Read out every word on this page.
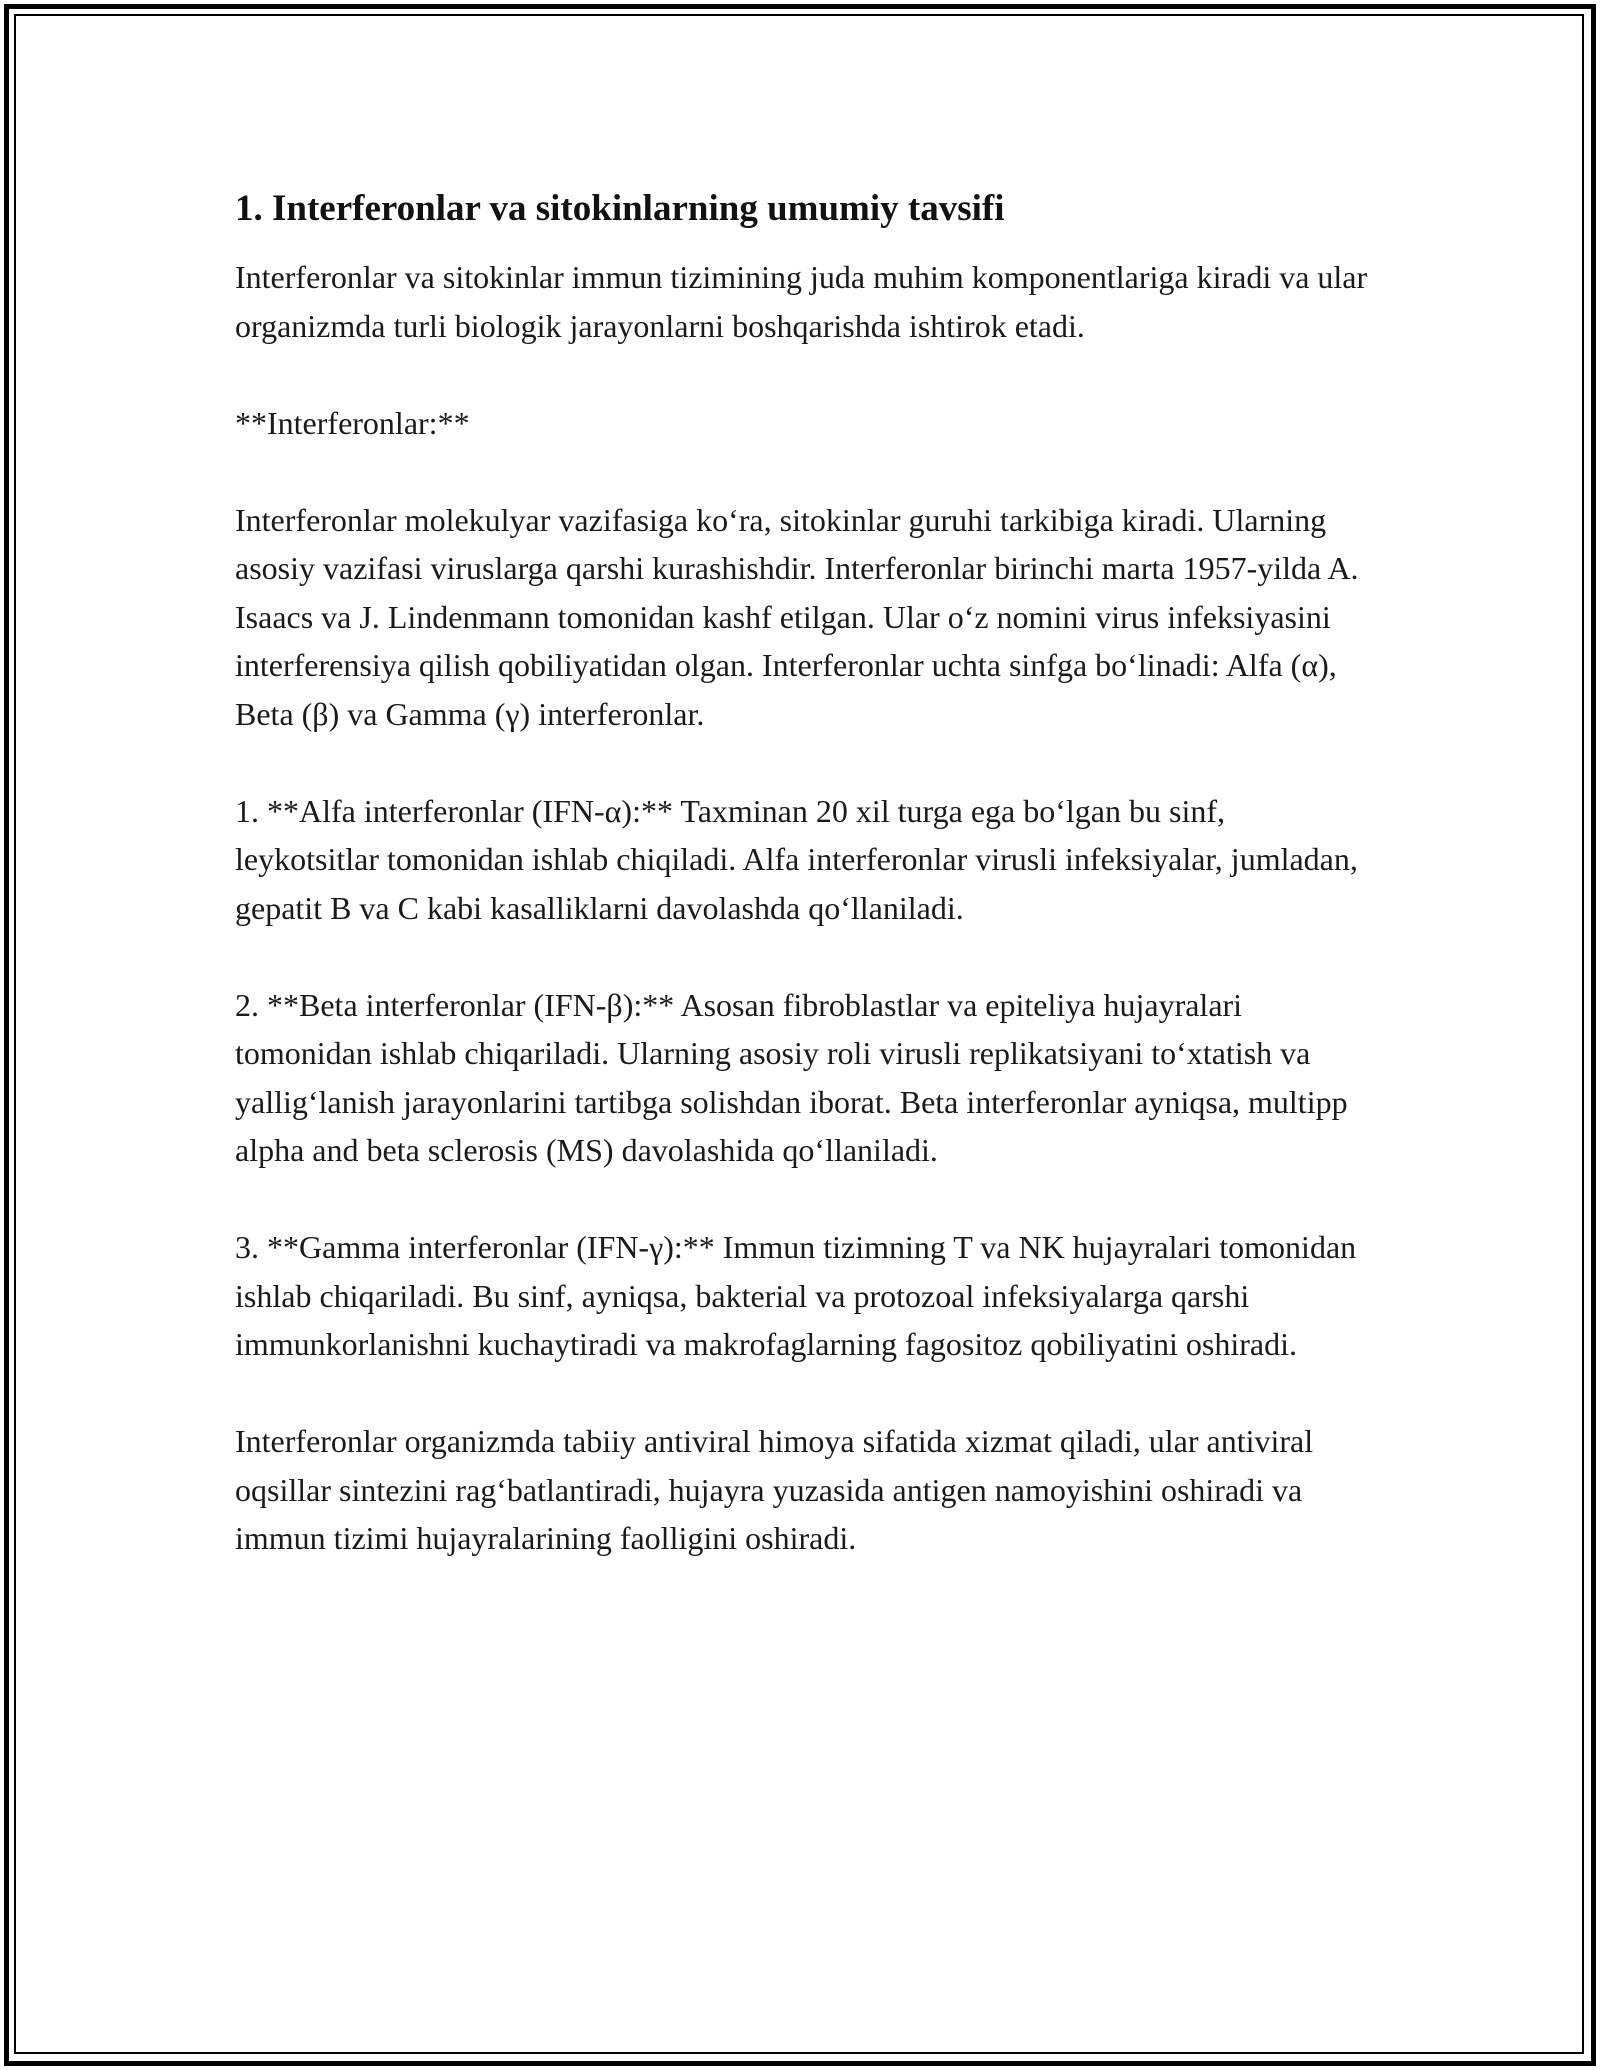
1. Interferonlar va sitokinlarning umumiy tavsifi

Interferonlar va sitokinlar immun tizimining juda muhim komponentlariga kiradi va ular organizmda turli biologik jarayonlarni boshqarishda ishtirok etadi.

**Interferonlar:**

Interferonlar molekulyar vazifasiga ko‘ra, sitokinlar guruhi tarkibiga kiradi. Ularning asosiy vazifasi viruslarga qarshi kurashishdir. Interferonlar birinchi marta 1957-yilda A. Isaacs va J. Lindenmann tomonidan kashf etilgan. Ular o‘z nomini virus infeksiyasini interferensiya qilish qobiliyatidan olgan. Interferonlar uchta sinfga bo‘linadi: Alfa (α), Beta (β) va Gamma (γ) interferonlar.

1. **Alfa interferonlar (IFN-α):** Taxminan 20 xil turga ega bo‘lgan bu sinf, leykotsitlar tomonidan ishlab chiqiladi. Alfa interferonlar virusli infeksiyalar, jumladan, gepatit B va C kabi kasalliklarni davolashda qo‘llaniladi.

2. **Beta interferonlar (IFN-β):** Asosan fibroblastlar va epiteliya hujayralari tomonidan ishlab chiqariladi. Ularning asosiy roli virusli replikatsiyani to‘xtatish va yallig‘lanish jarayonlarini tartibga solishdan iborat. Beta interferonlar ayniqsa, multipp alpha and beta sclerosis (MS) davolashida qo‘llaniladi.

3. **Gamma interferonlar (IFN-γ):** Immun tizimning T va NK hujayralari tomonidan ishlab chiqariladi. Bu sinf, ayniqsa, bakterial va protozoal infeksiyalarga qarshi immunkorlanishni kuchaytiradi va makrofaglarning fagositoz qobiliyatini oshiradi.

Interferonlar organizmda tabiiy antiviral himoya sifatida xizmat qiladi, ular antiviral oqsillar sintezini rag‘batlantiradi, hujayra yuzasida antigen namoyishini oshiradi va immun tizimi hujayralarining faolligini oshiradi.
